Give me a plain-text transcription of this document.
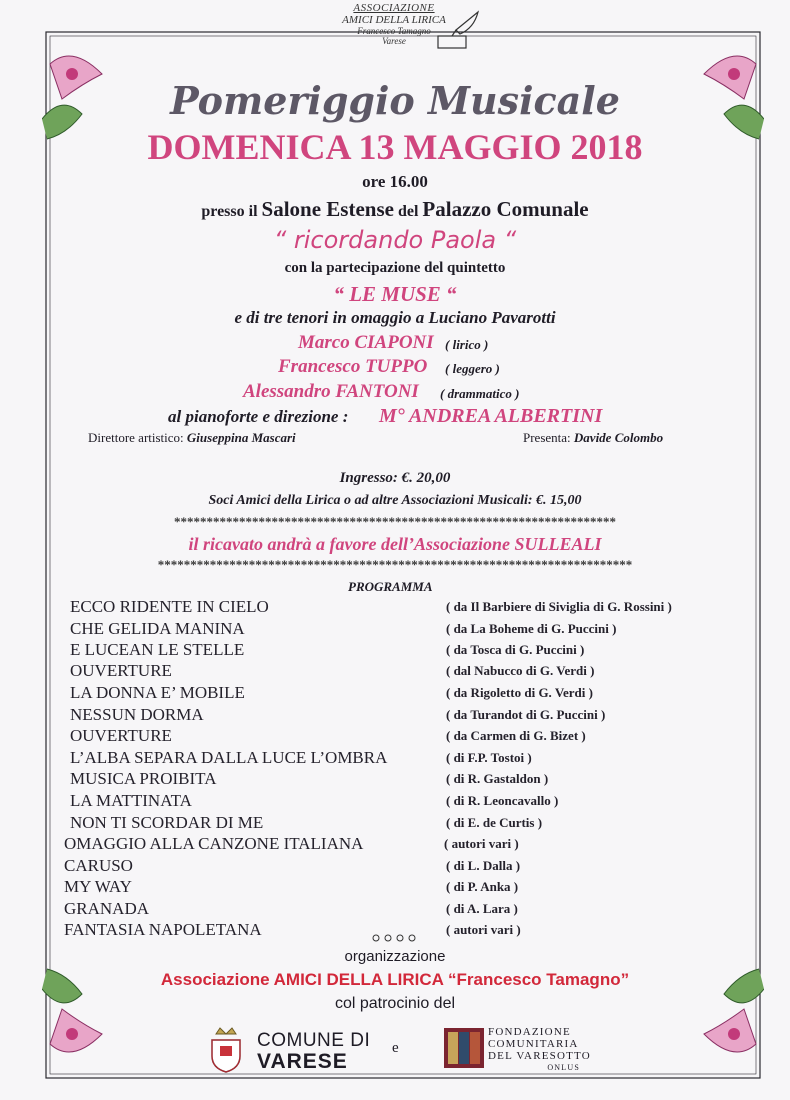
ASSOCIAZIONE
AMICI DELLA LIRICA
Francesco Tamagno
Varese
Pomeriggio Musicale
DOMENICA 13 MAGGIO 2018
ore 16.00
presso il Salone Estense del Palazzo Comunale
“ ricordando Paola “
con la partecipazione del quintetto
“ LE MUSE “
e di tre tenori in omaggio a Luciano Pavarotti
Marco CIAPONI ( lirico )
Francesco TUPPO ( leggero )
Alessandro FANTONI ( drammatico )
al pianoforte e direzione : M° ANDREA ALBERTINI
Direttore artistico: Giuseppina Mascari	Presenta: Davide Colombo
Ingresso: €. 20,00
Soci Amici della Lirica o ad altre Associazioni Musicali: €. 15,00
********************************************************************
il ricavato andrà a favore dell’Associazione SULLEALI
*************************************************************************
PROGRAMMA
ECCO RIDENTE IN CIELO	( da Il Barbiere di Siviglia di G. Rossini )
CHE GELIDA MANINA	( da La Boheme di G. Puccini )
E LUCEAN LE STELLE	( da Tosca di G. Puccini )
OUVERTURE	( dal Nabucco di G. Verdi )
LA DONNA E’ MOBILE	( da Rigoletto di G. Verdi )
NESSUN DORMA	( da Turandot di G. Puccini )
OUVERTURE	( da Carmen di G. Bizet )
L’ALBA SEPARA DALLA LUCE L’OMBRA	( di F.P. Tostoi )
MUSICA PROIBITA	( di R. Gastaldon )
LA MATTINATA	( di R. Leoncavallo )
NON TI SCORDAR DI ME	( di E. de Curtis )
OMAGGIO ALLA CANZONE ITALIANA	( autori vari )
CARUSO	( di L. Dalla )
MY WAY	( di P. Anka )
GRANADA	( di A. Lara )
FANTASIA NAPOLETANA	( autori vari )
organizzazione
Associazione AMICI DELLA LIRICA “Francesco Tamagno”
col patrocinio del
COMUNE DI
VARESE
e
FONDAZIONE
COMUNITARIA
DEL VARESOTTO
ONLUS
